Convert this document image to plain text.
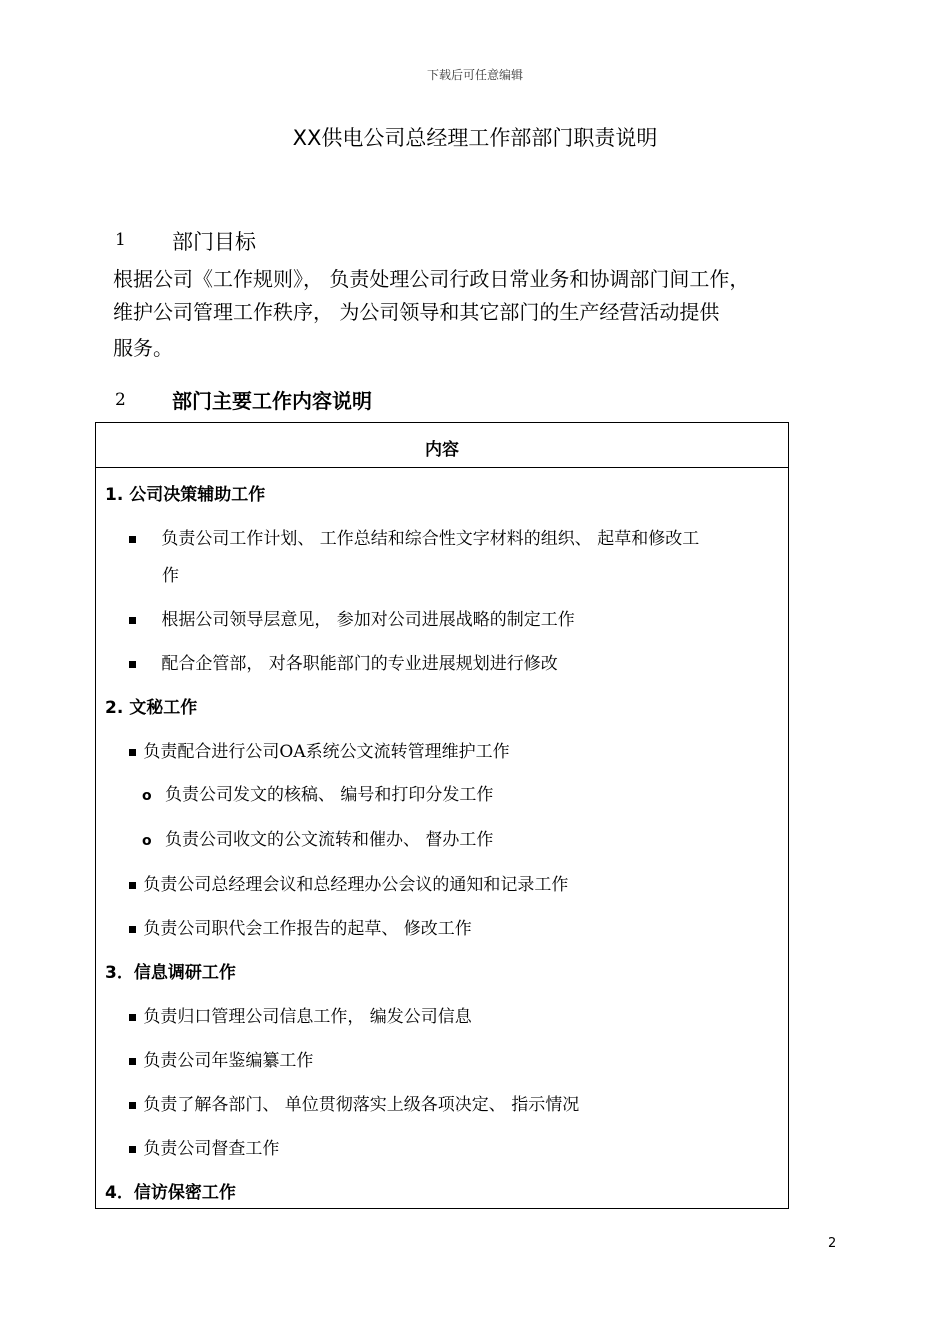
下载后可任意编辑
XX供电公司总经理工作部部门职责说明
1 部门目标
根据公司《工作规则》， 负责处理公司行政日常业务和协调部门间工作，
维护公司管理工作秩序， 为公司领导和其它部门的生产经营活动提供
服务。
2 部门主要工作内容说明
内容
1. 公司决策辅助工作
负责公司工作计划、 工作总结和综合性文字材料的组织、 起草和修改工
作
根据公司领导层意见， 参加对公司进展战略的制定工作
配合企管部， 对各职能部门的专业进展规划进行修改
2. 文秘工作
负责配合进行公司OA系统公文流转管理维护工作
o 负责公司发文的核稿、 编号和打印分发工作
o 负责公司收文的公文流转和催办、 督办工作
负责公司总经理会议和总经理办公会议的通知和记录工作
负责公司职代会工作报告的起草、 修改工作
3．信息调研工作
负责归口管理公司信息工作， 编发公司信息
负责公司年鉴编纂工作
负责了解各部门、 单位贯彻落实上级各项决定、 指示情况
负责公司督查工作
4．信访保密工作
2
